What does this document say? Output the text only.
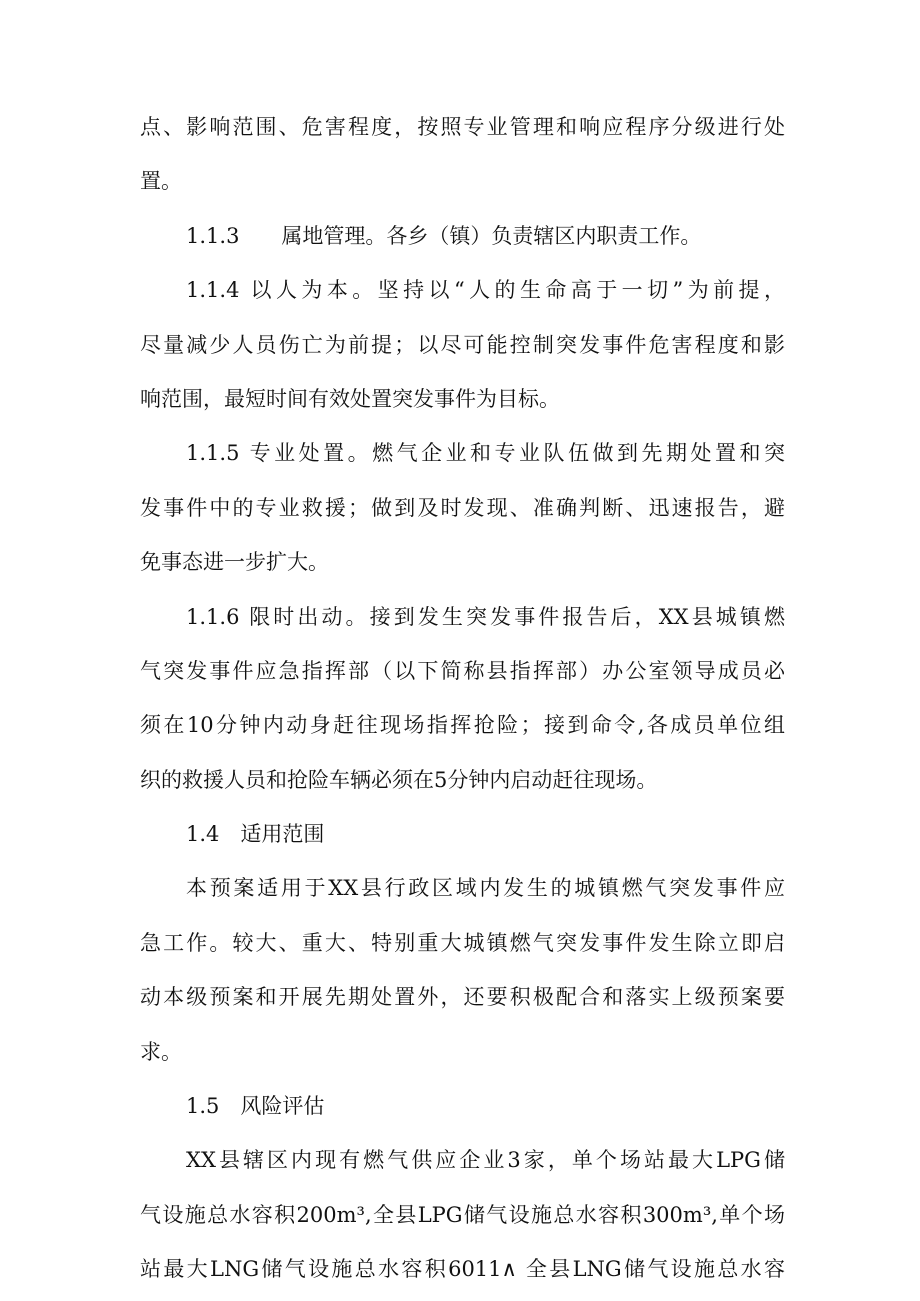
点、影响范围、危害程度，按照专业管理和响应程序分级进行处
置。
1.1.3　　属地管理。各乡（镇）负责辖区内职责工作。
1.1.4 以人为本。坚持以“人的生命高于一切”为前提，
尽量减少人员伤亡为前提；以尽可能控制突发事件危害程度和影
响范围，最短时间有效处置突发事件为目标。
1.1.5 专业处置。燃气企业和专业队伍做到先期处置和突
发事件中的专业救援；做到及时发现、准确判断、迅速报告，避
免事态进一步扩大。
1.1.6 限时出动。接到发生突发事件报告后，XX县城镇燃
气突发事件应急指挥部（以下简称县指挥部）办公室领导成员必
须在10分钟内动身赶往现场指挥抢险；接到命令,各成员单位组
织的救援人员和抢险车辆必须在5分钟内启动赶往现场。
1.4　适用范围
本预案适用于XX县行政区域内发生的城镇燃气突发事件应
急工作。较大、重大、特别重大城镇燃气突发事件发生除立即启
动本级预案和开展先期处置外，还要积极配合和落实上级预案要
求。
1.5　风险评估
XX县辖区内现有燃气供应企业3家，单个场站最大LPG储
气设施总水容积200m³,全县LPG储气设施总水容积300m³,单个场
站最大LNG储气设施总水容积6011∧ 全县LNG储气设施总水容
